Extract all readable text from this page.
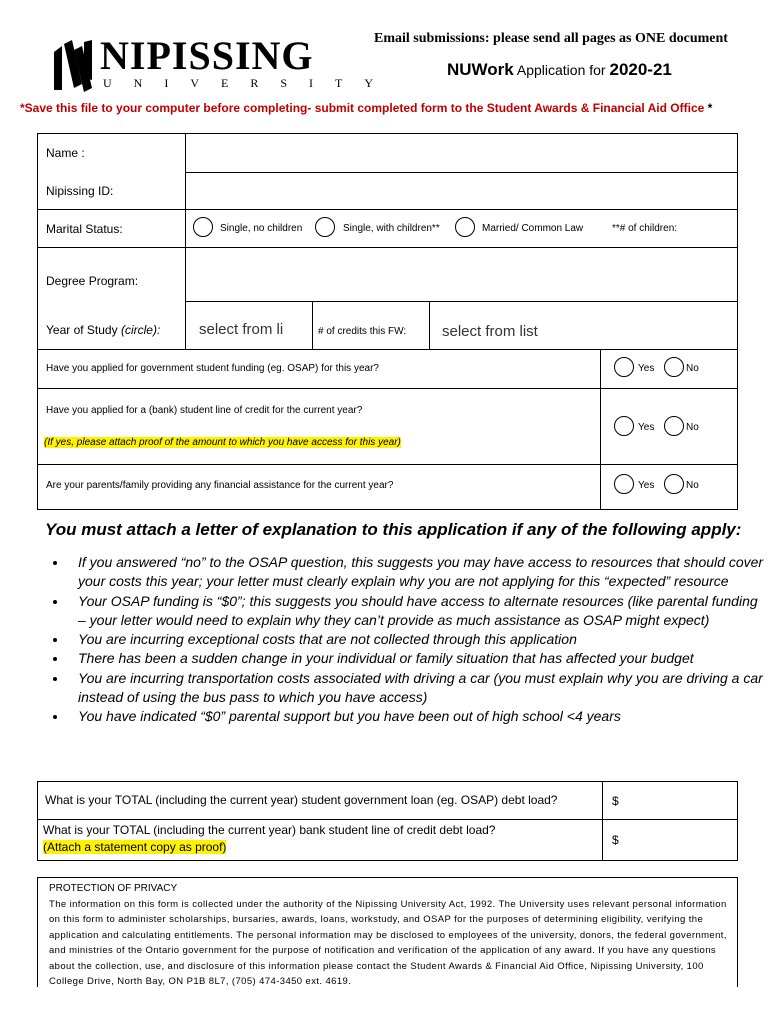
NIPISSING
UNIVERSITY
Email submissions: please send all pages as ONE document
NUWork Application for 2020-21
*Save this file to your computer before completing- submit completed form to the Student Awards & Financial Aid Office *
Name :
Nipissing ID:
Marital Status:	Single, no children	Single, with children**	Married/ Common Law	**# of children:
Degree Program:
Year of Study (circle):	select from li	# of credits this FW: select from list
Have you applied for government student funding (eg. OSAP) for this year?	Yes	No
Have you applied for a (bank) student line of credit for the current year?
(If yes, please attach proof of the amount to which you have access for this year)
Yes	No
Are your parents/family providing any financial assistance for the current year?	Yes	No
You must attach a letter of explanation to this application if any of the following apply:
• If you answered “no” to the OSAP question, this suggests you may have access to resources that should cover your costs this year; your letter must clearly explain why you are not applying for this “expected” resource
• Your OSAP funding is “$0”; this suggests you should have access to alternate resources (like parental funding – your letter would need to explain why they can’t provide as much assistance as OSAP might expect)
• You are incurring exceptional costs that are not collected through this application
• There has been a sudden change in your individual or family situation that has affected your budget
• You are incurring transportation costs associated with driving a car (you must explain why you are driving a car instead of using the bus pass to which you have access)
• You have indicated “$0” parental support but you have been out of high school <4 years
What is your TOTAL (including the current year) student government loan (eg. OSAP) debt load?	$
What is your TOTAL (including the current year) bank student line of credit debt load?
(Attach a statement copy as proof)	$
PROTECTION OF PRIVACY
The information on this form is collected under the authority of the Nipissing University Act, 1992. The University uses relevant personal information on this form to administer scholarships, bursaries, awards, loans, workstudy, and OSAP for the purposes of determining eligibility, verifying the application and calculating entitlements. The personal information may be disclosed to employees of the university, donors, the federal government, and ministries of the Ontario government for the purpose of notification and verification of the application of any award. If you have any questions about the collection, use, and disclosure of this information please contact the Student Awards & Financial Aid Office, Nipissing University, 100 College Drive, North Bay, ON P1B 8L7, (705) 474-3450 ext. 4619.
